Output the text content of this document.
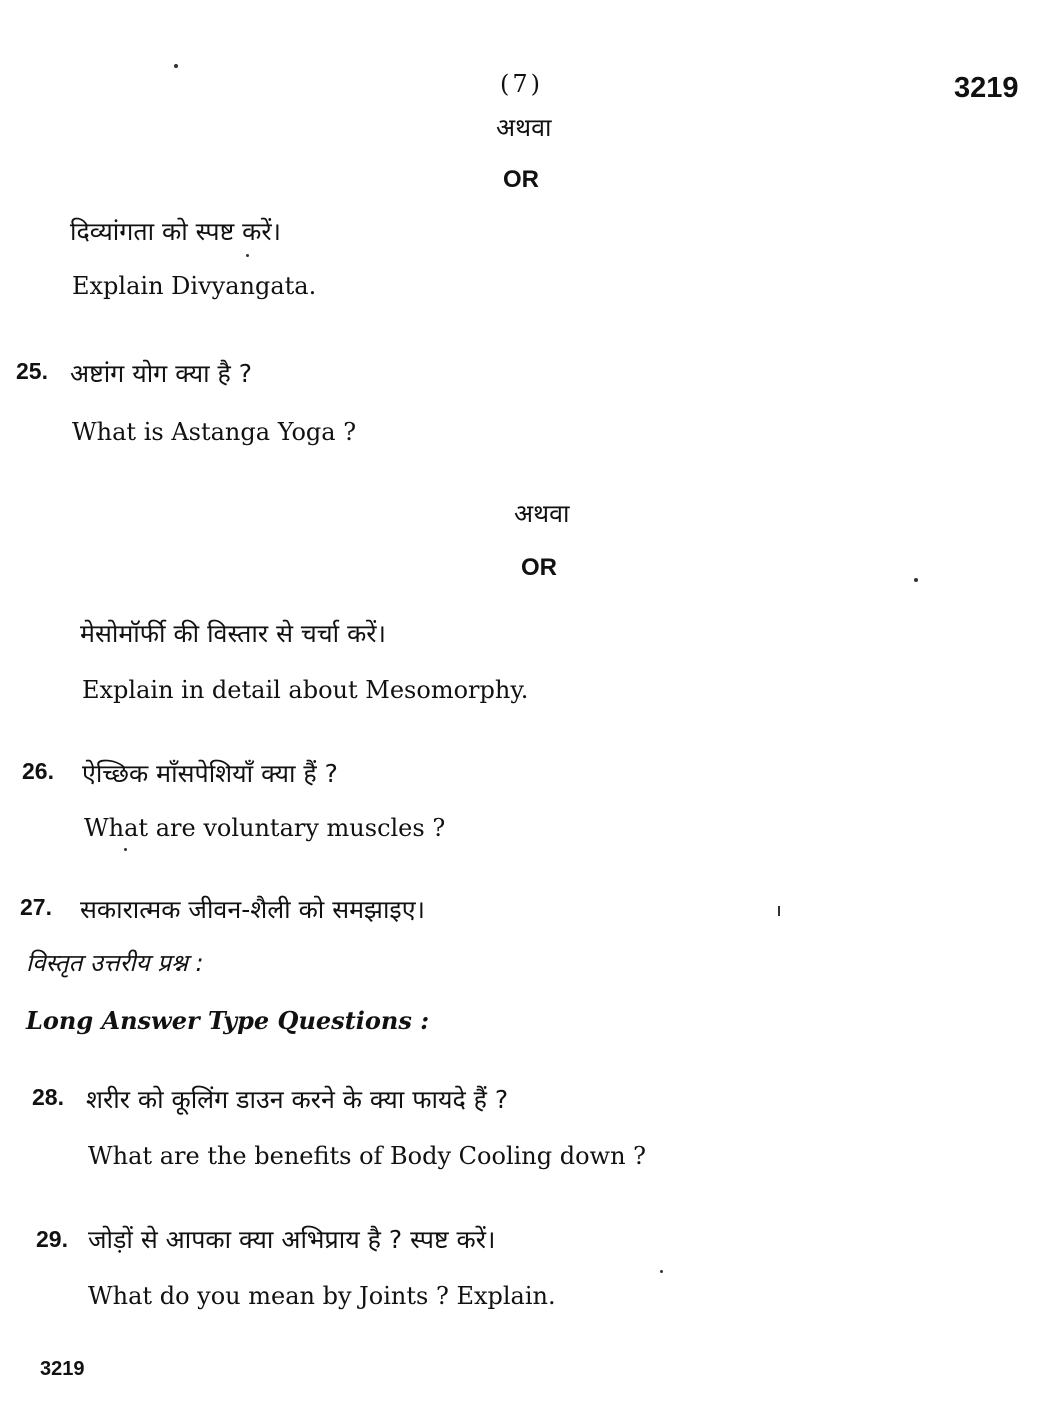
(7)	3219
अथवा
OR
दिव्यांगता को स्पष्ट करें।
Explain Divyangata.
25. अष्टांग योग क्या है ?
What is Astanga Yoga ?
अथवा
OR
मेसोमॉर्फी की विस्तार से चर्चा करें।
Explain in detail about Mesomorphy.
26. ऐच्छिक माँसपेशियाँ क्या हैं ?
What are voluntary muscles ?
27. सकारात्मक जीवन-शैली को समझाइए।
विस्तृत उत्तरीय प्रश्न :
Long Answer Type Questions :
28. शरीर को कूलिंग डाउन करने के क्या फायदे हैं ?
What are the benefits of Body Cooling down ?
29. जोड़ों से आपका क्या अभिप्राय है ? स्पष्ट करें।
What do you mean by Joints ? Explain.
3219
